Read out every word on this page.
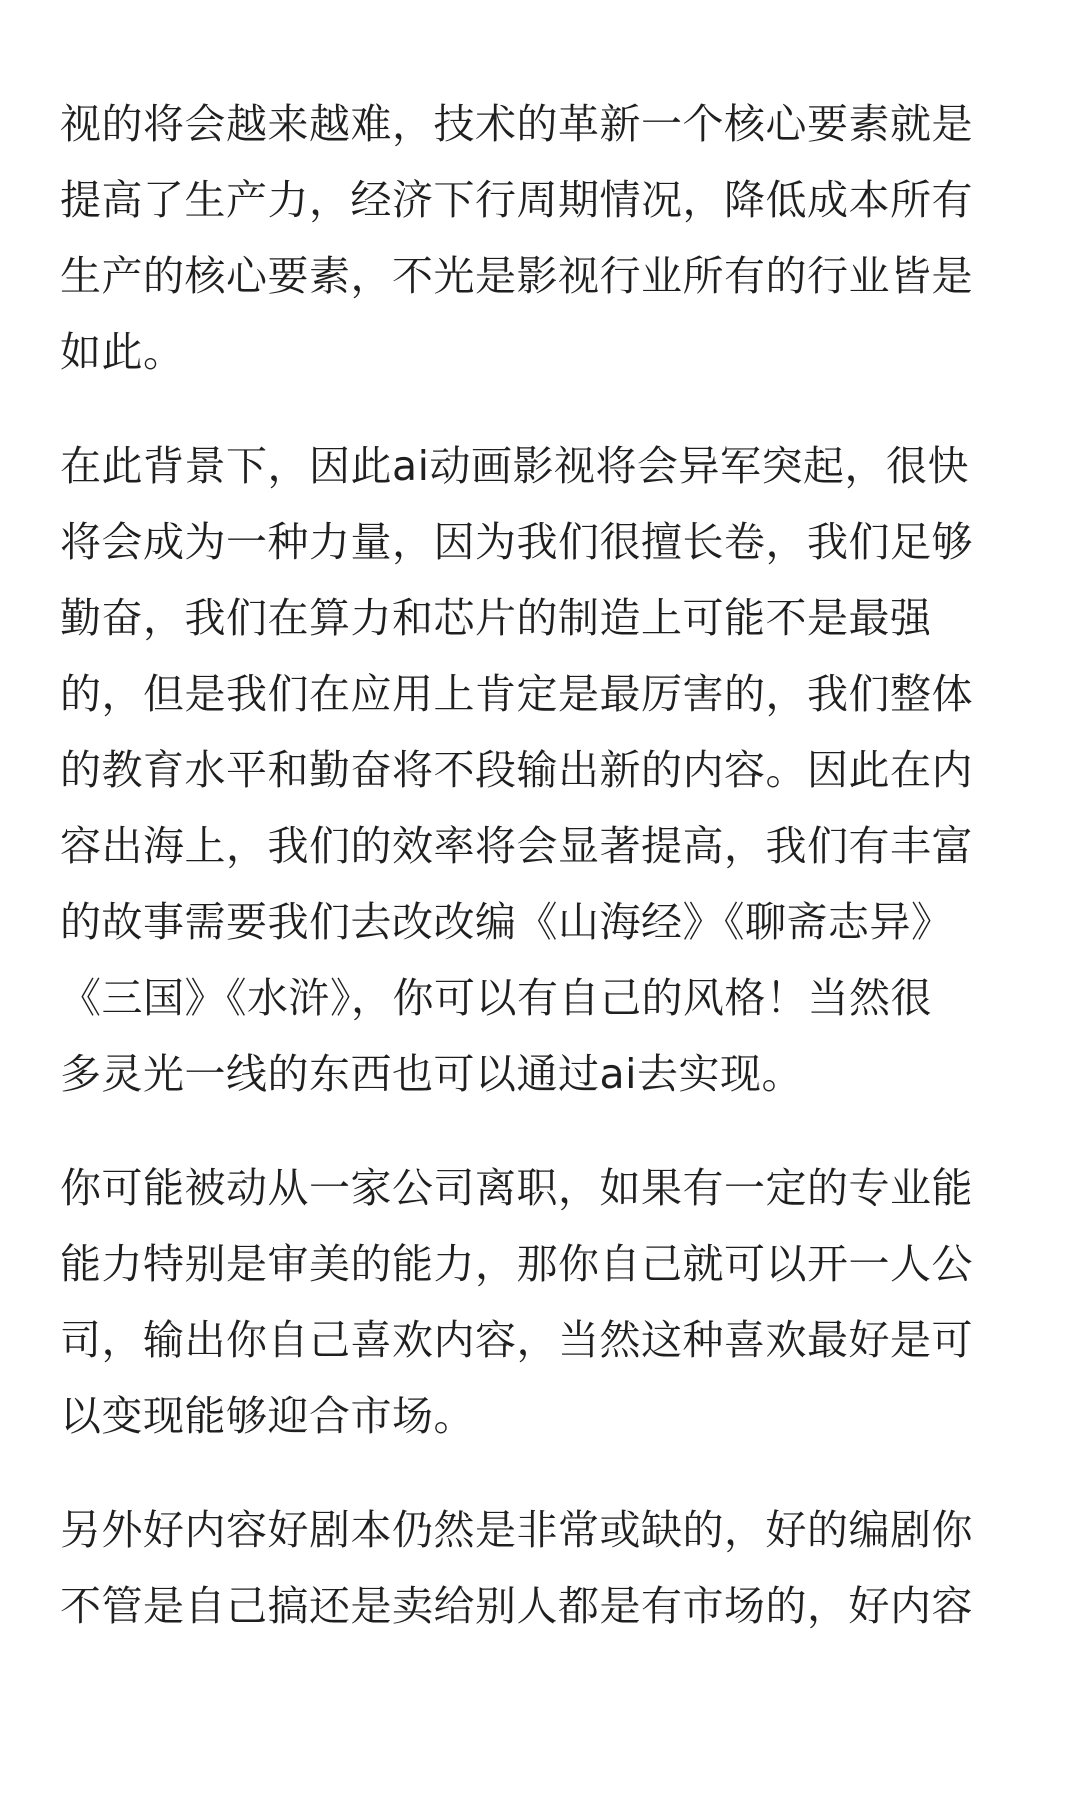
视的将会越来越难，技术的革新一个核心要素就是
提高了生产力，经济下行周期情况，降低成本所有
生产的核心要素，不光是影视行业所有的行业皆是
如此。

在此背景下，因此ai动画影视将会异军突起，很快
将会成为一种力量，因为我们很擅长卷，我们足够
勤奋，我们在算力和芯片的制造上可能不是最强
的，但是我们在应用上肯定是最厉害的，我们整体
的教育水平和勤奋将不段输出新的内容。因此在内
容出海上，我们的效率将会显著提高，我们有丰富
的故事需要我们去改改编《山海经》《聊斋志异》
《三国》《水浒》，你可以有自己的风格！当然很
多灵光一线的东西也可以通过ai去实现。

你可能被动从一家公司离职，如果有一定的专业能
能力特别是审美的能力，那你自己就可以开一人公
司，输出你自己喜欢内容，当然这种喜欢最好是可
以变现能够迎合市场。

另外好内容好剧本仍然是非常或缺的，好的编剧你
不管是自己搞还是卖给别人都是有市场的，好内容
